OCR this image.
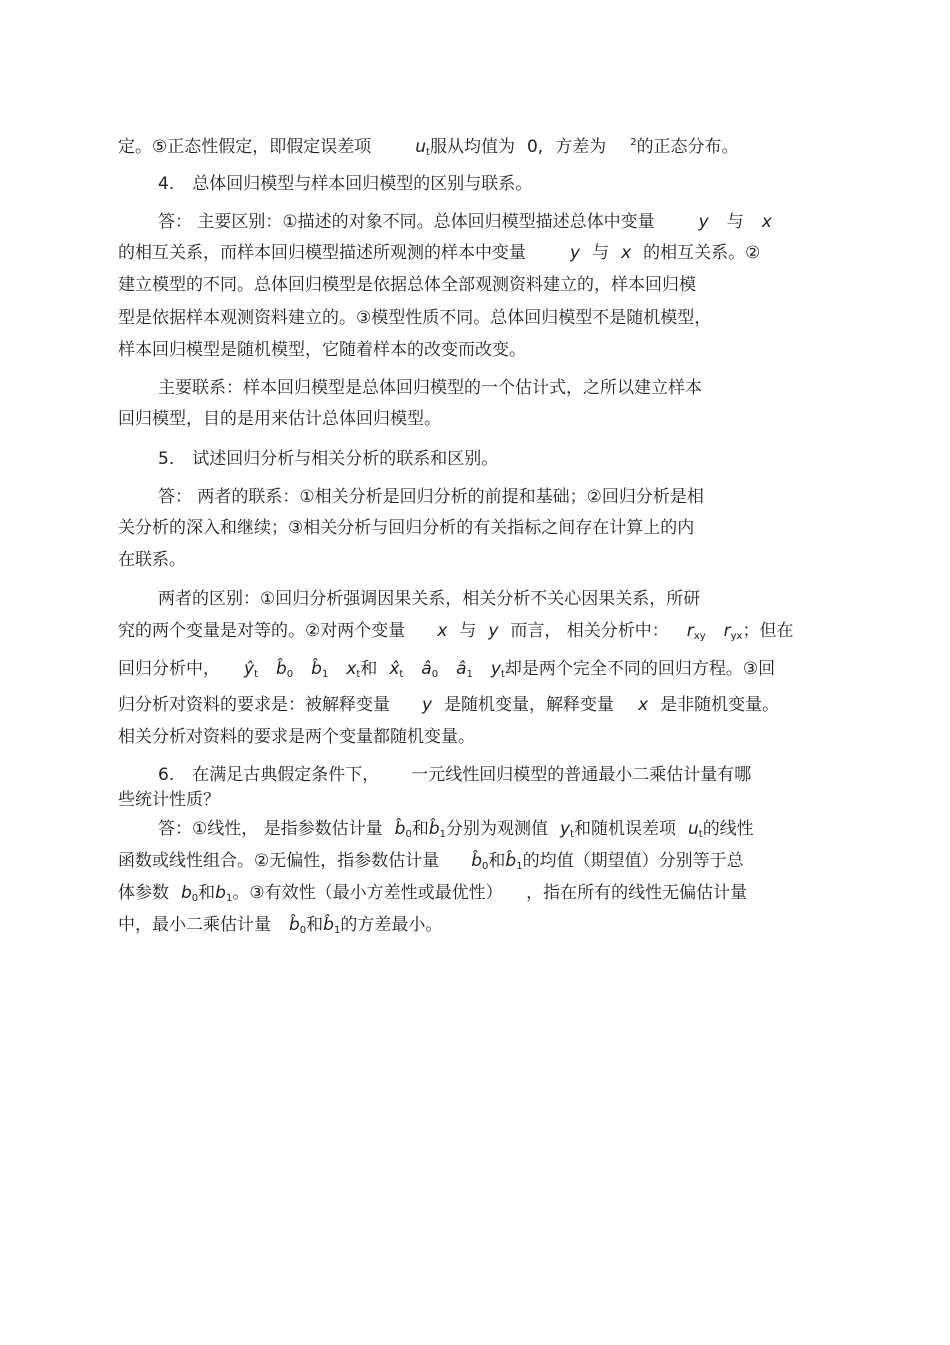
定。⑤正态性假定，即假定误差项	$u_t$服从均值为 0, 方差为 $^2$的正态分布。
4. 总体回归模型与样本回归模型的区别与联系。
答： 主要区别：①描述的对象不同。总体回归模型描述总体中变量	y 与 x
的相互关系，而样本回归模型描述所观测的样本中变量	y 与 x 的相互关系。②
建立模型的不同。总体回归模型是依据总体全部观测资料建立的，样本回归模
型是依据样本观测资料建立的。③模型性质不同。总体回归模型不是随机模型，
样本回归模型是随机模型，它随着样本的改变而改变。
主要联系：样本回归模型是总体回归模型的一个估计式，之所以建立样本
回归模型，目的是用来估计总体回归模型。
5. 试述回归分析与相关分析的联系和区别。
答： 两者的联系：①相关分析是回归分析的前提和基础；②回归分析是相
关分析的深入和继续；③相关分析与回归分析的有关指标之间存在计算上的内
在联系。
两者的区别：①回归分析强调因果关系，相关分析不关心因果关系，所研
究的两个变量是对等的。②对两个变量 x 与 y 而言， 相关分析中： $r_{xy}$ $r_{yx}$；但在
回归分析中， $ŷ_t$ $b̂_0$ $b̂_1$ $x_t$和 $x̂_t$ $â_0$ $â_1$ $y_t$却是两个完全不同的回归方程。③回
归分析对资料的要求是：被解释变量 y 是随机变量，解释变量 x 是非随机变量。
相关分析对资料的要求是两个变量都随机变量。
6. 在满足古典假定条件下， 一元线性回归模型的普通最小二乘估计量有哪
些统计性质？
答：①线性， 是指参数估计量 $b̂_0$和$b̂_1$分别为观测值 $y_t$和随机误差项 $u_t$的线性
函数或线性组合。②无偏性，指参数估计量 $b̂_0$和$b̂_1$的均值（期望值）分别等于总
体参数 $b_0$和$b_1$。③有效性（最小方差性或最优性） ，指在所有的线性无偏估计量
中，最小二乘估计量 $b̂_0$和$b̂_1$的方差最小。
